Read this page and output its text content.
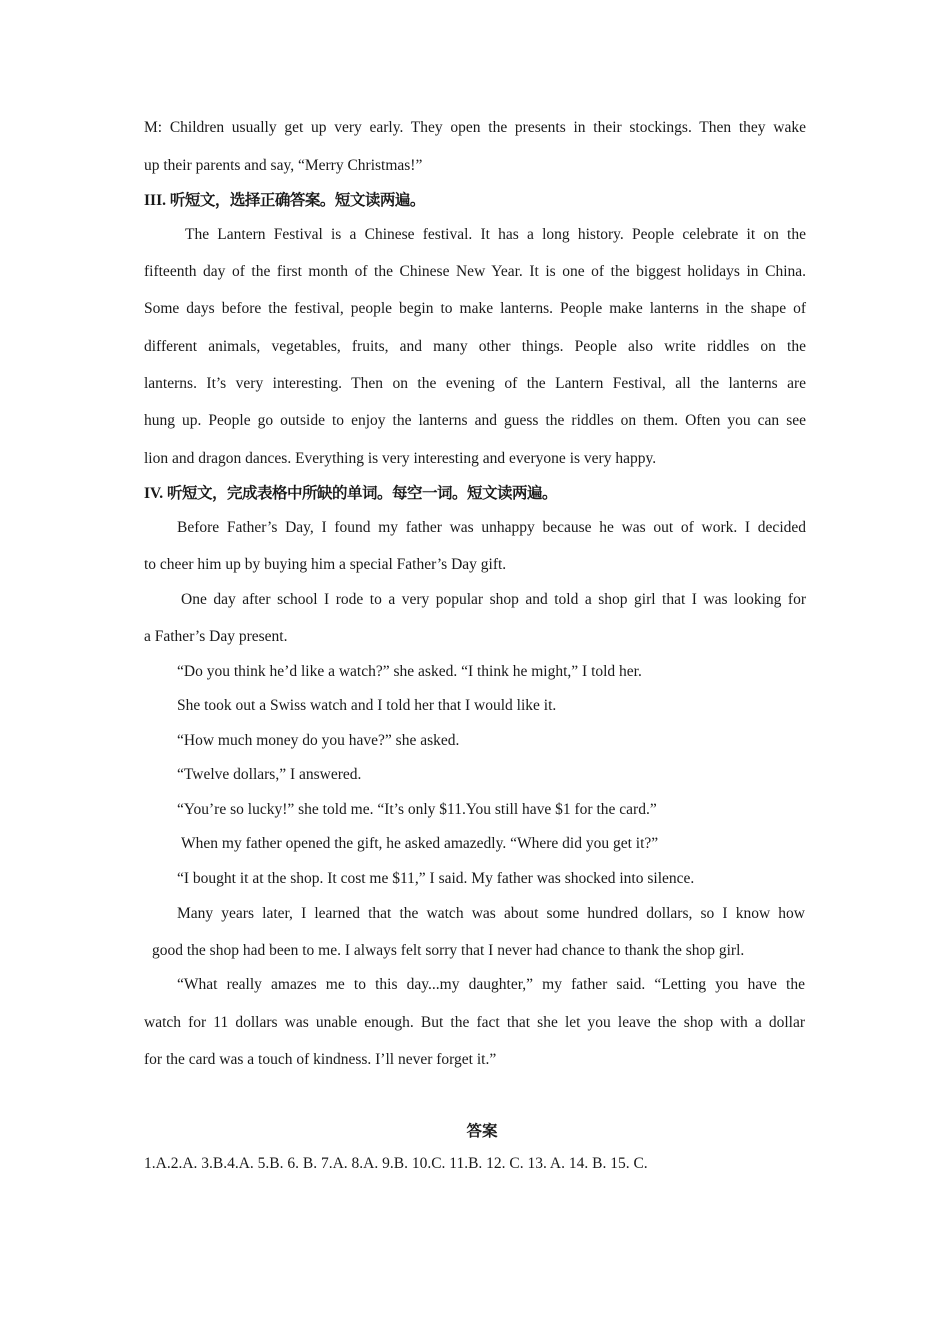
M: Children usually get up very early. They open the presents in their stockings. Then they wake
up their parents and say, “Merry Christmas!”
III. 听短文，选择正确答案。短文读两遍。
The Lantern Festival is a Chinese festival. It has a long history. People celebrate it on the
fifteenth day of the first month of the Chinese New Year. It is one of the biggest holidays in China.
Some days before the festival, people begin to make lanterns. People make lanterns in the shape of
different animals, vegetables, fruits, and many other things. People also write riddles on the
lanterns. It’s very interesting. Then on the evening of the Lantern Festival, all the lanterns are
hung up. People go outside to enjoy the lanterns and guess the riddles on them. Often you can see
lion and dragon dances. Everything is very interesting and everyone is very happy.
IV. 听短文，完成表格中所缺的单词。每空一词。短文读两遍。
Before Father’s Day, I found my father was unhappy because he was out of work. I decided
to cheer him up by buying him a special Father’s Day gift.
One day after school I rode to a very popular shop and told a shop girl that I was looking for
a Father’s Day present.
“Do you think he’d like a watch?” she asked. “I think he might,” I told her.
She took out a Swiss watch and I told her that I would like it.
“How much money do you have?” she asked.
“Twelve dollars,” I answered.
“You’re so lucky!” she told me. “It’s only $11.You still have $1 for the card.”
When my father opened the gift, he asked amazedly. “Where did you get it?”
“I bought it at the shop. It cost me $11,” I said. My father was shocked into silence.
Many years later, I learned that the watch was about some hundred dollars, so I know how
good the shop had been to me. I always felt sorry that I never had chance to thank the shop girl.
“What really amazes me to this day...my daughter,” my father said. “Letting you have the
watch for 11 dollars was unable enough. But the fact that she let you leave the shop with a dollar
for the card was a touch of kindness. I’ll never forget it.”
答案
1.A.2.A. 3.B.4.A. 5.B. 6. B. 7.A. 8.A. 9.B. 10.C. 11.B. 12. C. 13. A. 14. B. 15. C.
